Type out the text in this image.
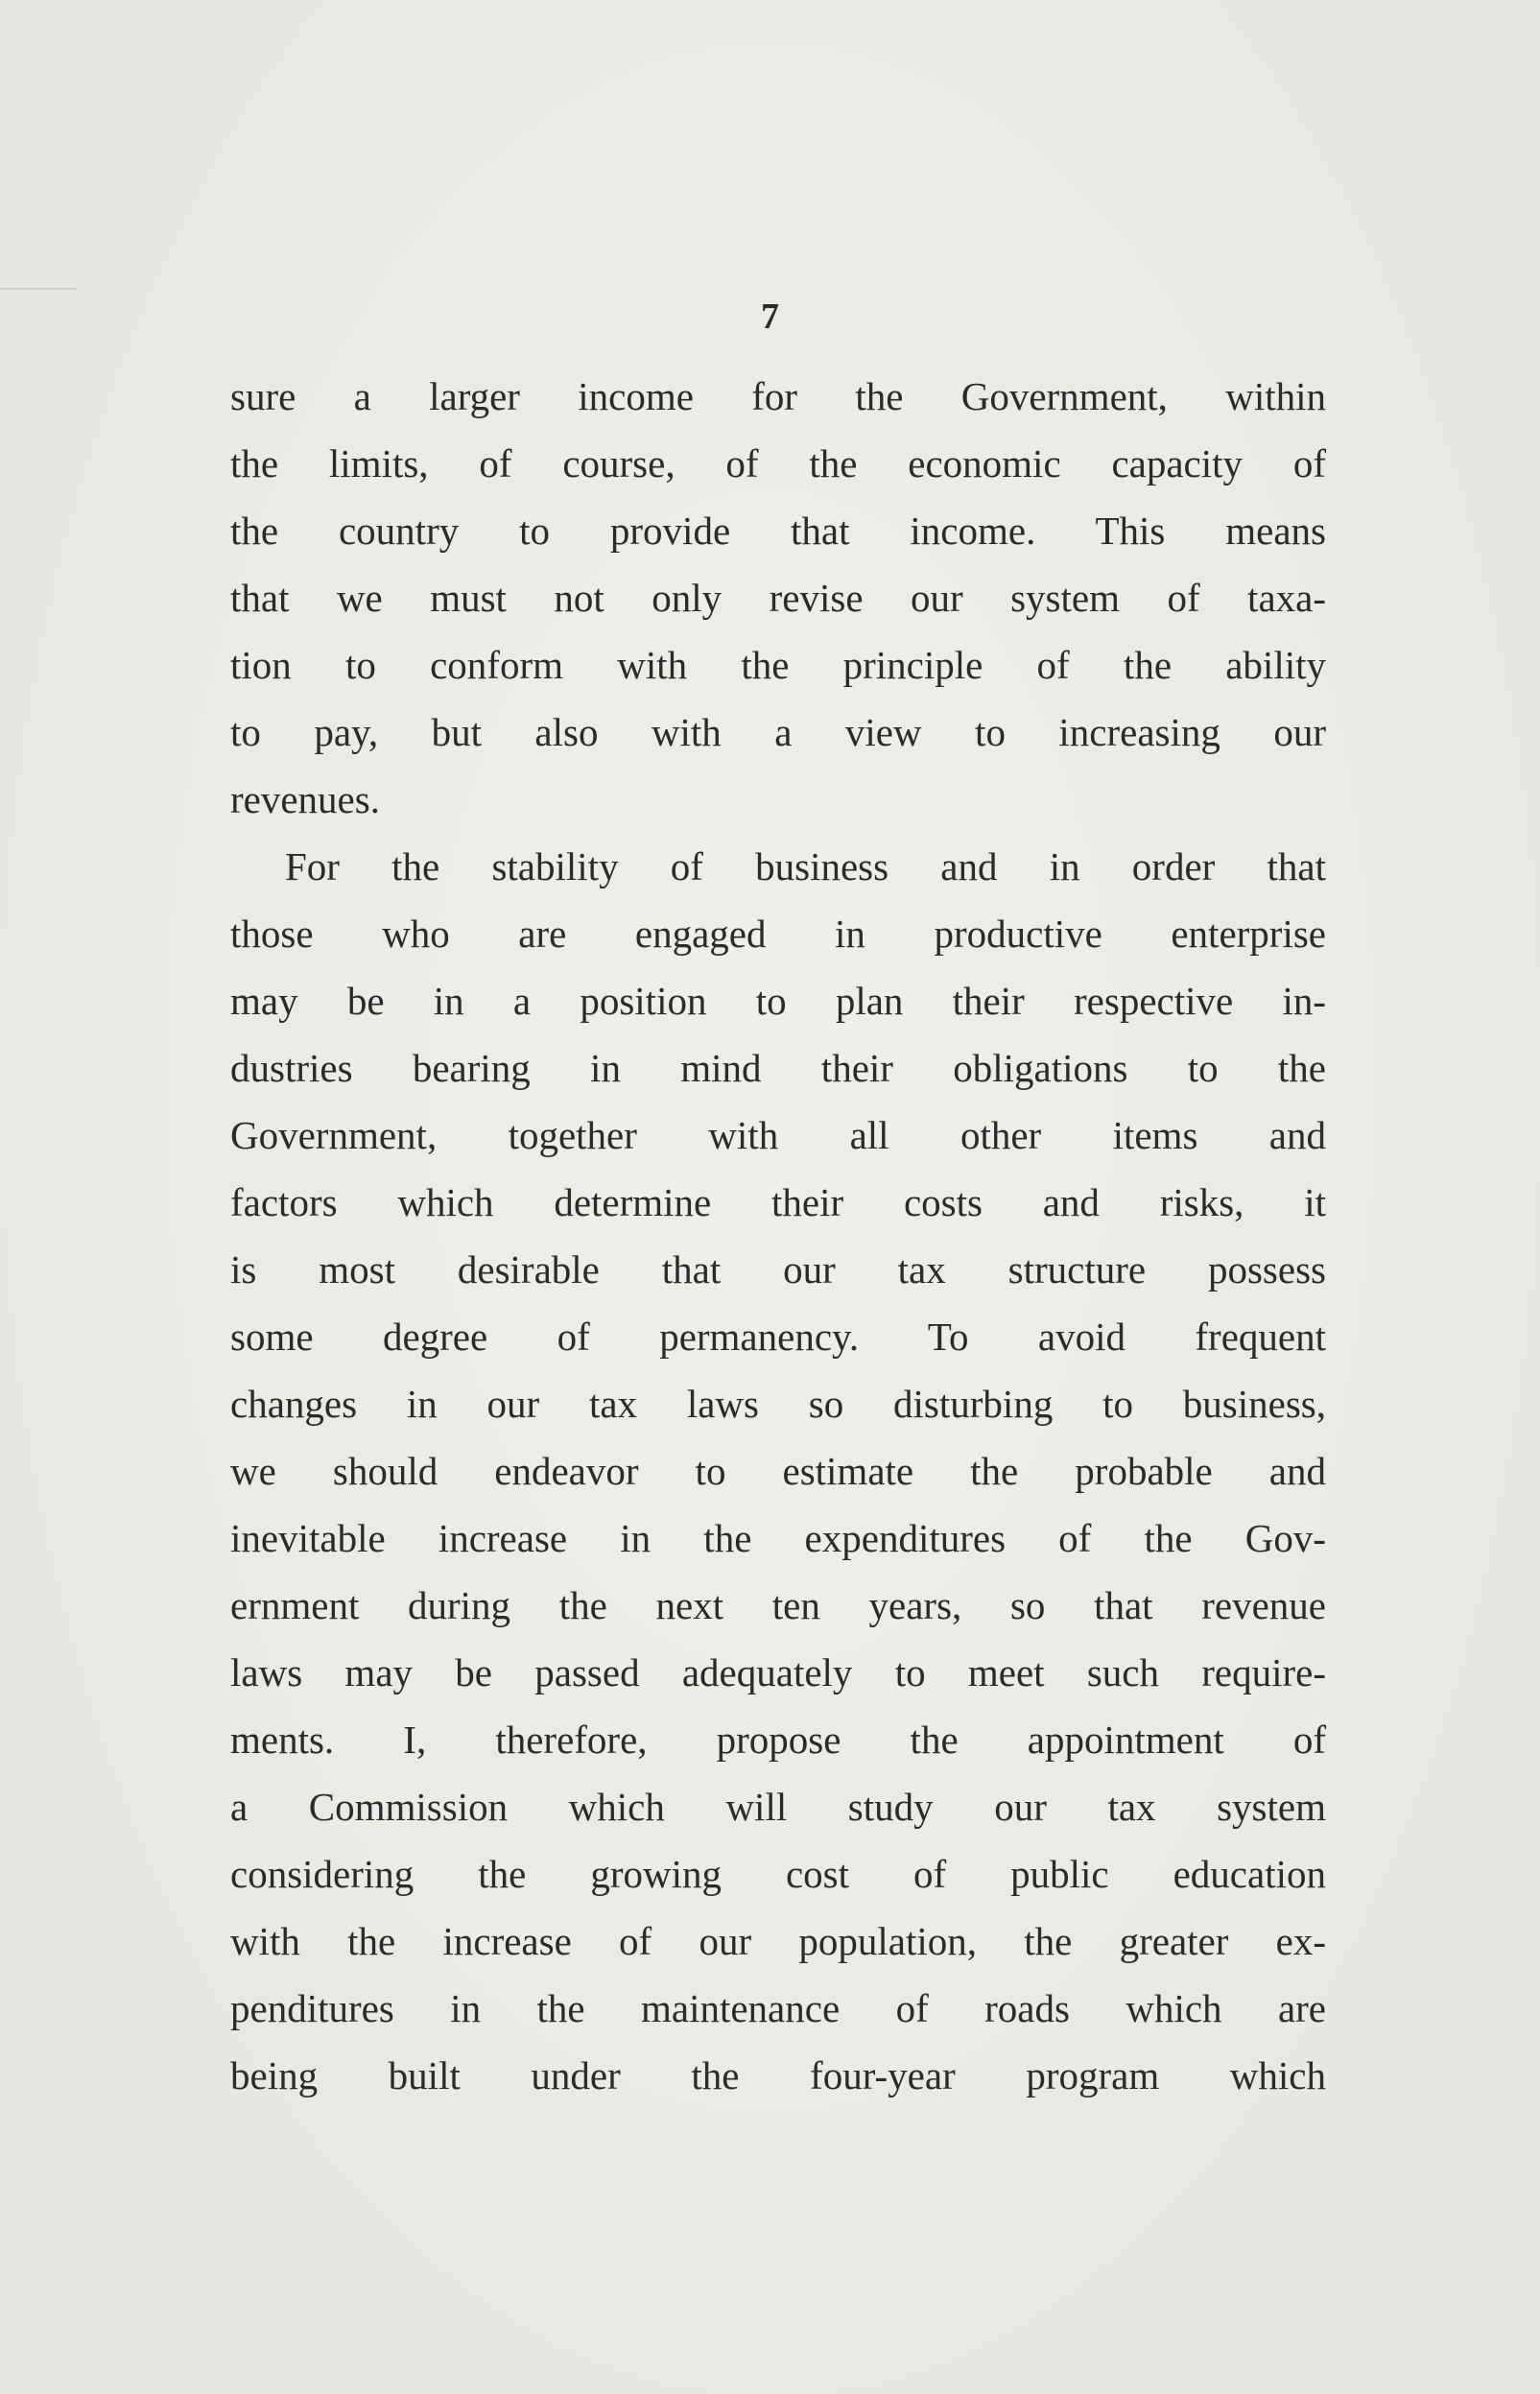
7
sure a larger income for the Government, within
the limits, of course, of the economic capacity of
the country to provide that income. This means
that we must not only revise our system of taxa-
tion to conform with the principle of the ability
to pay, but also with a view to increasing our
revenues.
For the stability of business and in order that
those who are engaged in productive enterprise
may be in a position to plan their respective in-
dustries bearing in mind their obligations to the
Government, together with all other items and
factors which determine their costs and risks, it
is most desirable that our tax structure possess
some degree of permanency. To avoid frequent
changes in our tax laws so disturbing to business,
we should endeavor to estimate the probable and
inevitable increase in the expenditures of the Gov-
ernment during the next ten years, so that revenue
laws may be passed adequately to meet such require-
ments. I, therefore, propose the appointment of
a Commission which will study our tax system
considering the growing cost of public education
with the increase of our population, the greater ex-
penditures in the maintenance of roads which are
being built under the four-year program which
